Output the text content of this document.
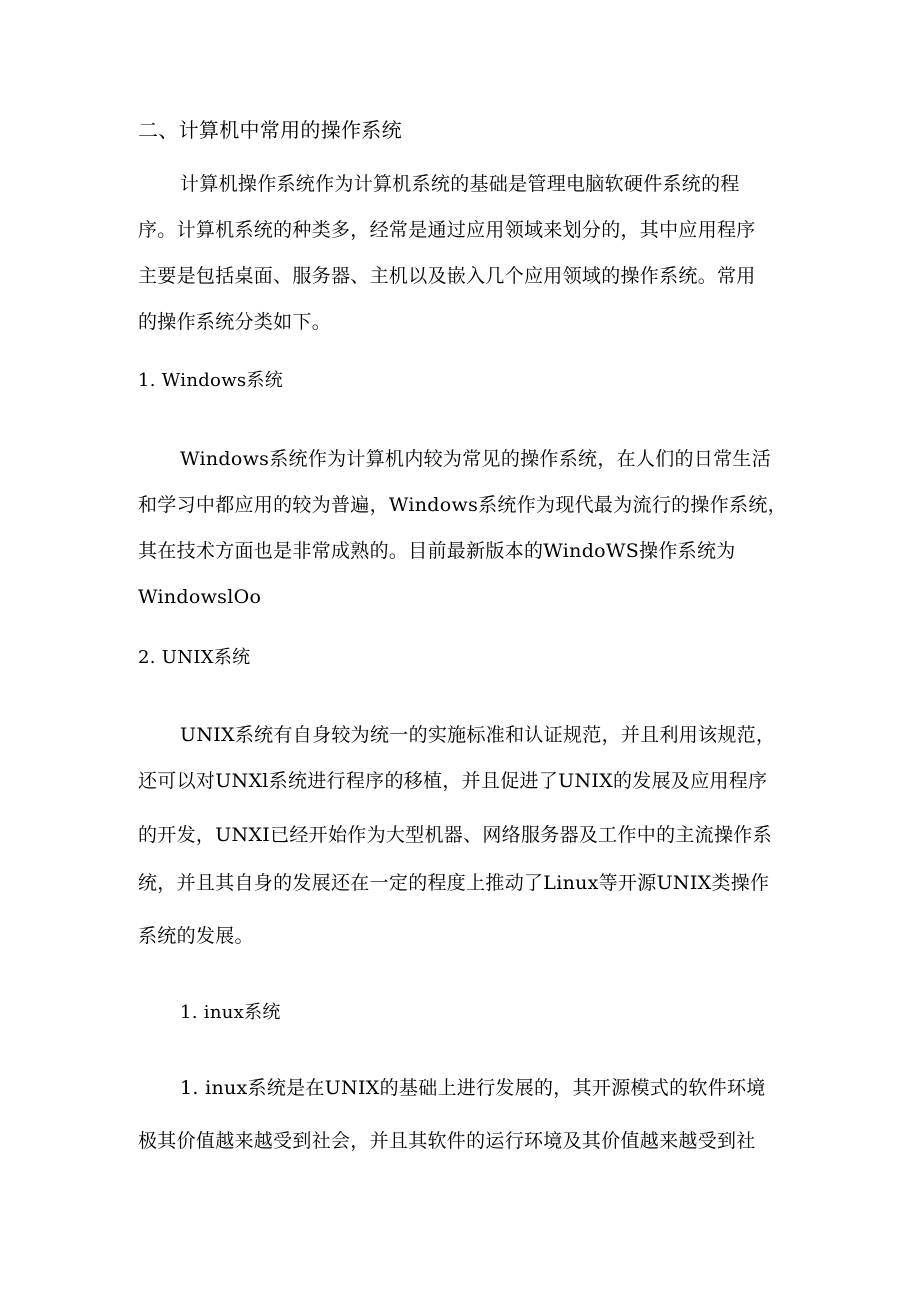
二、计算机中常用的操作系统
计算机操作系统作为计算机系统的基础是管理电脑软硬件系统的程
序。计算机系统的种类多，经常是通过应用领域来划分的，其中应用程序
主要是包括桌面、服务器、主机以及嵌入几个应用领域的操作系统。常用
的操作系统分类如下。
1. Windows系统
Windows系统作为计算机内较为常见的操作系统，在人们的日常生活
和学习中都应用的较为普遍，Windows系统作为现代最为流行的操作系统，
其在技术方面也是非常成熟的。目前最新版本的WindoWS操作系统为
WindowslOo
2. UNIX系统
UNIX系统有自身较为统一的实施标准和认证规范，并且利用该规范，
还可以对UNXl系统进行程序的移植，并且促进了UNIX的发展及应用程序
的开发，UNXI已经开始作为大型机器、网络服务器及工作中的主流操作系
统，并且其自身的发展还在一定的程度上推动了Linux等开源UNIX类操作
系统的发展。
1. inux系统
1. inux系统是在UNIX的基础上进行发展的，其开源模式的软件环境
极其价值越来越受到社会，并且其软件的运行环境及其价值越来越受到社
